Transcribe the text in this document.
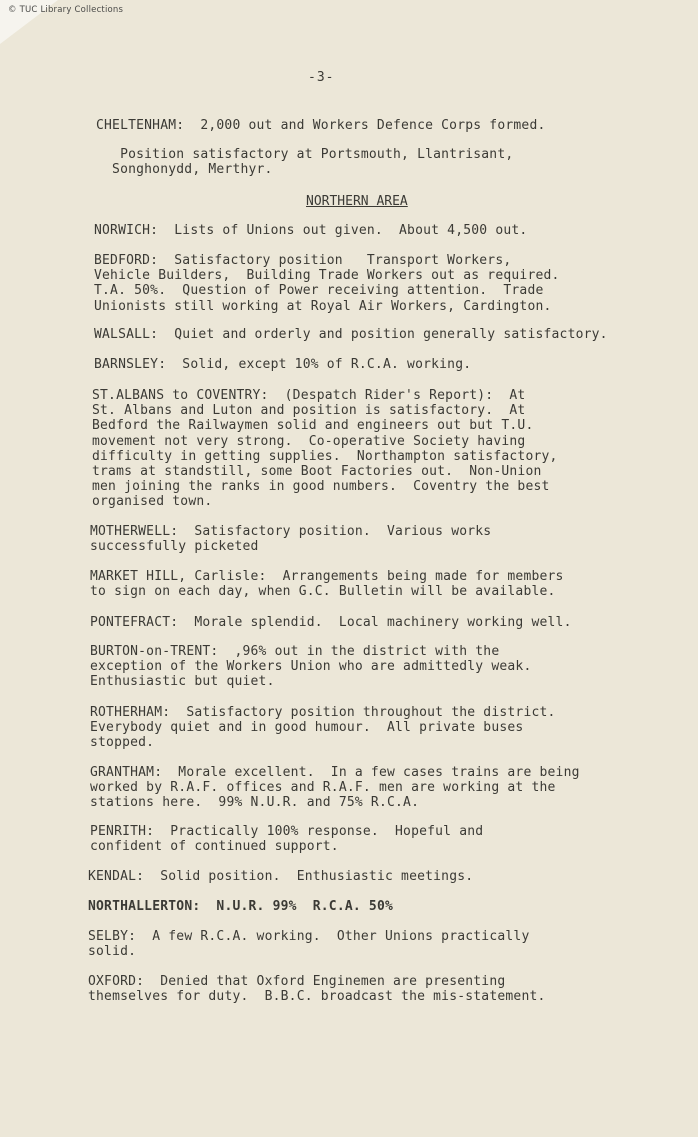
© TUC Library Collections
-3-
CHELTENHAM:  2,000 out and Workers Defence Corps formed.
Position satisfactory at Portsmouth, Llantrisant,
Songhonydd, Merthyr.
NORTHERN AREA
NORWICH:  Lists of Unions out given.  About 4,500 out.
BEDFORD:  Satisfactory position   Transport Workers,
Vehicle Builders,  Building Trade Workers out as required.
T.A. 50%.  Question of Power receiving attention.  Trade
Unionists still working at Royal Air Workers, Cardington.
WALSALL:  Quiet and orderly and position generally satisfactory.
BARNSLEY:  Solid, except 10% of R.C.A. working.
ST.ALBANS to COVENTRY:  (Despatch Rider's Report):  At
St. Albans and Luton and position is satisfactory.  At
Bedford the Railwaymen solid and engineers out but T.U.
movement not very strong.  Co-operative Society having
difficulty in getting supplies.  Northampton satisfactory,
trams at standstill, some Boot Factories out.  Non-Union
men joining the ranks in good numbers.  Coventry the best
organised town.
MOTHERWELL:  Satisfactory position.  Various works
successfully picketed
MARKET HILL, Carlisle:  Arrangements being made for members
to sign on each day, when G.C. Bulletin will be available.
PONTEFRACT:  Morale splendid.  Local machinery working well.
BURTON-on-TRENT:  ,96% out in the district with the
exception of the Workers Union who are admittedly weak.
Enthusiastic but quiet.
ROTHERHAM:  Satisfactory position throughout the district.
Everybody quiet and in good humour.  All private buses
stopped.
GRANTHAM:  Morale excellent.  In a few cases trains are being
worked by R.A.F. offices and R.A.F. men are working at the
stations here.  99% N.U.R. and 75% R.C.A.
PENRITH:  Practically 100% response.  Hopeful and
confident of continued support.
KENDAL:  Solid position.  Enthusiastic meetings.
NORTHALLERTON:  N.U.R. 99%  R.C.A. 50%
SELBY:  A few R.C.A. working.  Other Unions practically
solid.
OXFORD:  Denied that Oxford Enginemen are presenting
themselves for duty.  B.B.C. broadcast the mis-statement.
